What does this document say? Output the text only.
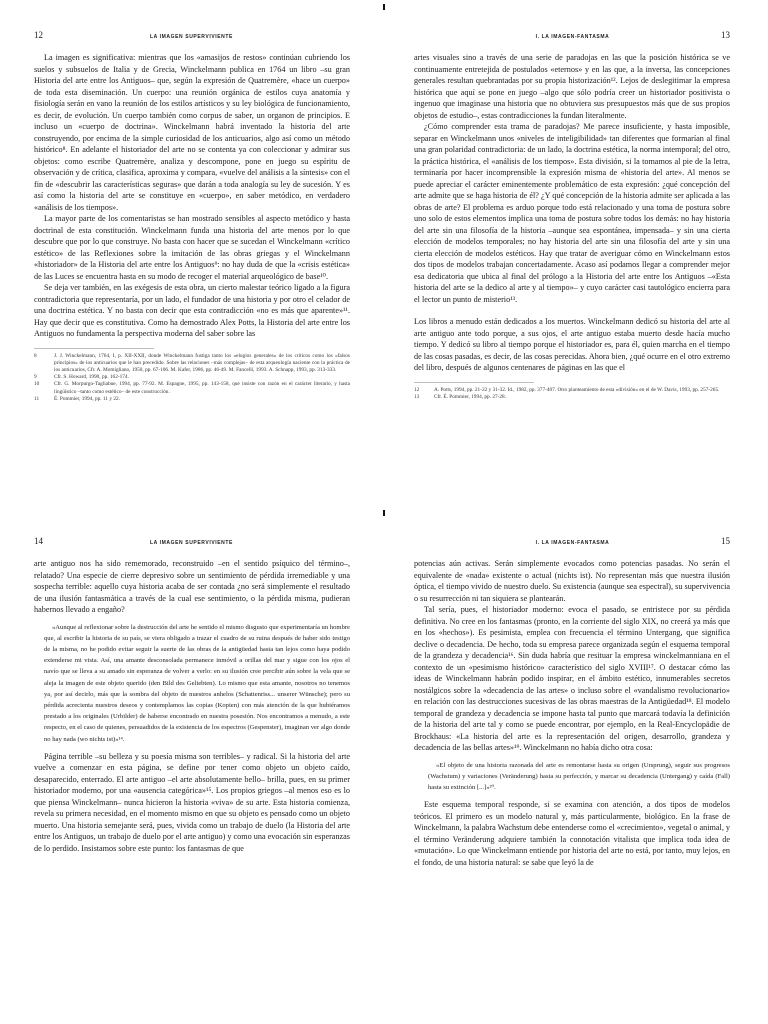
12	LA IMAGEN SUPERVIVIENTE

La imagen es significativa: mientras que los «amasijos de restos» continúan cubriendo los suelos y subsuelos de Italia y de Grecia, Winckelmann publica en 1764 un libro –su gran Historia del arte entre los Antiguos– que, según la expresión de Quatremère, «hace un cuerpo» de toda esta diseminación. Un cuerpo: una reunión orgánica de estilos cuya anatomía y fisiología serán en vano la reunión de los estilos artísticos y su ley biológica de funcionamiento, es decir, de evolución. Un cuerpo también como corpus de saber, un organon de principios. E incluso un «cuerpo de doctrina». Winckelmann habrá inventado la historia del arte construyendo, por encima de la simple curiosidad de los anticuarios, algo así como un método histórico⁸. En adelante el historiador del arte no se contenta ya con coleccionar y admirar sus objetos: como escribe Quatremère, analiza y descompone, pone en juego su espíritu de observación y de crítica, clasifica, aproxima y compara, «vuelve del análisis a la síntesis» con el fin de «descubrir las características seguras» que darán a toda analogía su ley de sucesión. Y es así como la historia del arte se constituye en «cuerpo», en saber metódico, en verdadero «análisis de los tiempos».

La mayor parte de los comentaristas se han mostrado sensibles al aspecto metódico y hasta doctrinal de esta constitución. Winckelmann funda una historia del arte menos por lo que descubre que por lo que construye. No basta con hacer que se sucedan el Winckelmann «crítico estético» de las Reflexiones sobre la imitación de las obras griegas y el Winckelmann «historiador» de la Historia del arte entre los Antiguos⁹: no hay duda de que la «crisis estética» de las Luces se encuentra hasta en su modo de recoger el material arqueológico de base¹⁰.

Se deja ver también, en las exégesis de esta obra, un cierto malestar teórico ligado a la figura contradictoria que representaría, por un lado, el fundador de una historia y por otro el celador de una doctrina estética. Y no basta con decir que esta contradicción «no es más que aparente»¹¹. Hay que decir que es constitutiva. Como ha demostrado Alex Potts, la Historia del arte entre los Antiguos no fundamenta la perspectiva moderna del saber sobre las

8	J. J. Winckelmann, 1764, I, p. XII-XXII, donde Winckelmann fustiga tanto los «elogios generales» de los críticos como los «falsos principios» de los anticuarios que le han precedido. Sobre las relaciones –más complejas– de esta arqueología naciente con la práctica de los anticuarios, Cfr. A. Momigliano, 1950, pp. 67-106. M. Kafer, 1986, pp. 46-49. M. Fancelli, 1993. A. Schnapp, 1993, pp. 313-333.
9	Cfr. S. Howard, 1990, pp. 162-174.
10	Cfr. G. Morpurgo-Tagliabue, 1994, pp. 77-92. M. Espagne, 1995, pp. 143-158, que insiste con razón en el carácter literario, y hasta lingüístico –tanto como estético– de este construcción.
11	É. Pommier, 1994, pp. 11 y 22.
I. LA IMAGEN-FANTASMA	13

artes visuales sino a través de una serie de paradojas en las que la posición histórica se ve continuamente entretejida de postulados «eternos» y en las que, a la inversa, las concepciones generales resultan quebrantadas por su propia historización¹². Lejos de deslegitimar la empresa histórica que aquí se pone en juego –algo que sólo podría creer un historiador positivista o ingenuo que imaginase una historia que no obtuviera sus presupuestos más que de sus propios objetos de estudio–, estas contradicciones la fundan literalmente.

¿Cómo comprender esta trama de paradojas? Me parece insuficiente, y hasta imposible, separar en Winckelmann unos «niveles de inteligibilidad» tan diferentes que formarían al final una gran polaridad contradictoria: de un lado, la doctrina estética, la norma intemporal; del otro, la práctica histórica, el «análisis de los tiempos». Esta división, si la tomamos al pie de la letra, terminaría por hacer incomprensible la expresión misma de «historia del arte». Al menos se puede apreciar el carácter eminentemente problemático de esta expresión: ¿qué concepción del arte admite que se haga historia de él? ¿Y qué concepción de la historia admite ser aplicada a las obras de arte? El problema es arduo porque todo está relacionado y una toma de postura sobre uno solo de estos elementos implica una toma de postura sobre todos los demás: no hay historia del arte sin una filosofía de la historia –aunque sea espontánea, impensada– y sin una cierta elección de modelos temporales; no hay historia del arte sin una filosofía del arte y sin una cierta elección de modelos estéticos. Hay que tratar de averiguar cómo en Winckelmann estos dos tipos de modelos trabajan concertadamente. Acaso así podamos llegar a comprender mejor esa dedicatoria que ubica al final del prólogo a la Historia del arte entre los Antiguos –«Esta historia del arte se la dedico al arte y al tiempo»– y cuyo carácter casi tautológico encierra para el lector un punto de misterio¹³.

Los libros a menudo están dedicados a los muertos. Winckelmann dedicó su historia del arte al arte antiguo ante todo porque, a sus ojos, el arte antiguo estaba muerto desde hacía mucho tiempo. Y dedicó su libro al tiempo porque el historiador es, para él, quien marcha en el tiempo de las cosas pasadas, es decir, de las cosas perecidas. Ahora bien, ¿qué ocurre en el otro extremo del libro, después de algunos centenares de páginas en las que el

12	A. Potts, 1994, pp. 21-22 y 31-32. Id., 1982, pp. 377-407. Otro planteamiento de esta «división» en el de W. Davis, 1993, pp. 257-265.
13	Cfr. É. Pommier, 1994, pp. 27-28.
14	LA IMAGEN SUPERVIVIENTE

arte antiguo nos ha sido rememorado, reconstruido –en el sentido psíquico del término–, relatado? Una especie de cierre depresivo sobre un sentimiento de pérdida irremediable y una sospecha terrible: aquello cuya historia acaba de ser contada ¿no será simplemente el resultado de una ilusión fantasmática a través de la cual ese sentimiento, o la pérdida misma, pudieran habernos llevado a engaño?

«Aunque al reflexionar sobre la destrucción del arte he sentido el mismo disgusto que experimentaría un hombre que, al escribir la historia de su país, se viera obligado a trazar el cuadro de su ruina después de haber sido testigo de la misma, no he podido evitar seguir la suerte de las obras de la antigüedad hasta tan lejos como haya podido extenderse mi vista. Así, una amante desconsolada permanece inmóvil a orillas del mar y sigue con los ojos el navío que se lleva a su amado sin esperanza de volver a verlo: en su ilusión cree percibir aún sobre la vela que se aleja la imagen de este objeto querido (den Bild des Geliebten). Lo mismo que esta amante, nosotros no tenemos ya, por así decirlo, más que la sombra del objeto de nuestros anhelos (Schattenriss... unserer Wünsche); pero su pérdida acrecienta nuestros deseos y contemplamos las copias (Kopien) con más atención de la que hubiéramos prestado a los originales (Urbilder) de haberse encontrado en nuestra posesión. Nos encontramos a menudo, a este respecto, en el caso de quienes, persuadidos de la existencia de los espectros (Gespenster), imaginan ver algo donde no hay nada (wo nichts ist)»¹⁴.

Página terrible –su belleza y su poesía misma son terribles– y radical. Si la historia del arte vuelve a comenzar en esta página, se define por tener como objeto un objeto caído, desaparecido, enterrado. El arte antiguo –el arte absolutamente bello– brilla, pues, en su primer historiador moderno, por una «ausencia categórica»¹⁵. Los propios griegos –al menos eso es lo que piensa Winckelmann– nunca hicieron la historia «viva» de su arte. Esta historia comienza, revela su primera necesidad, en el momento mismo en que su objeto es pensado como un objeto muerto. Una historia semejante será, pues, vivida como un trabajo de duelo (la Historia del arte entre los Antiguos, un trabajo de duelo por el arte antiguo) y como una evocación sin esperanzas de lo perdido. Insistamos sobre este punto: los fantasmas de que

I. LA IMAGEN-FANTASMA	15

potencias aún activas. Serán simplemente evocados como potencias pasadas. No serán el equivalente de «nada» existente o actual (nichts ist). No representan más que nuestra ilusión óptica, el tiempo vivido de nuestro duelo. Su existencia (aunque sea espectral), su supervivencia o su resurrección ni tan siquiera se plantearán.

Tal sería, pues, el historiador moderno: evoca el pasado, se entristece por su pérdida definitiva. No cree en los fantasmas (pronto, en la corriente del siglo XIX, no creerá ya más que en los «hechos»). Es pesimista, emplea con frecuencia el término Untergang, que significa declive o decadencia. De hecho, toda su empresa parece organizada según el esquema temporal de la grandeza y decadencia¹⁶. Sin duda habría que resituar la empresa winckelmanniana en el contexto de un «pesimismo histórico» característico del siglo XVIII¹⁷. O destacar cómo las ideas de Winckelmann habrán podido inspirar, en el ámbito estético, innumerables secretos nostálgicos sobre la «decadencia de las artes» o incluso sobre el «vandalismo revolucionario» en relación con las destrucciones sucesivas de las obras maestras de la Antigüedad¹⁸. El modelo temporal de grandeza y decadencia se impone hasta tal punto que marcará todavía la definición de la historia del arte tal y como se puede encontrar, por ejemplo, en la Real-Encyclopädie de Brockhaus: «La historia del arte es la representación del origen, desarrollo, grandeza y decadencia de las bellas artes»¹⁹. Winckelmann no había dicho otra cosa:

«El objeto de una historia razonada del arte es remontarse hasta su origen (Ursprung), seguir sus progresos (Wachstum) y variaciones (Veränderung) hasta su perfección, y marcar su decadencia (Untergang) y caída (Fall) hasta su extinción [...]»²⁰.

Este esquema temporal responde, si se examina con atención, a dos tipos de modelos teóricos. El primero es un modelo natural y, más particularmente, biológico. En la frase de Winckelmann, la palabra Wachstum debe entenderse como el «crecimiento», vegetal o animal, y el término Veränderung adquiere también la connotación vitalista que implica toda idea de «mutación». Lo que Winckelmann entiende por historia del arte no está, por tanto, muy lejos, en el fondo, de una historia natural: se sabe que leyó la de
